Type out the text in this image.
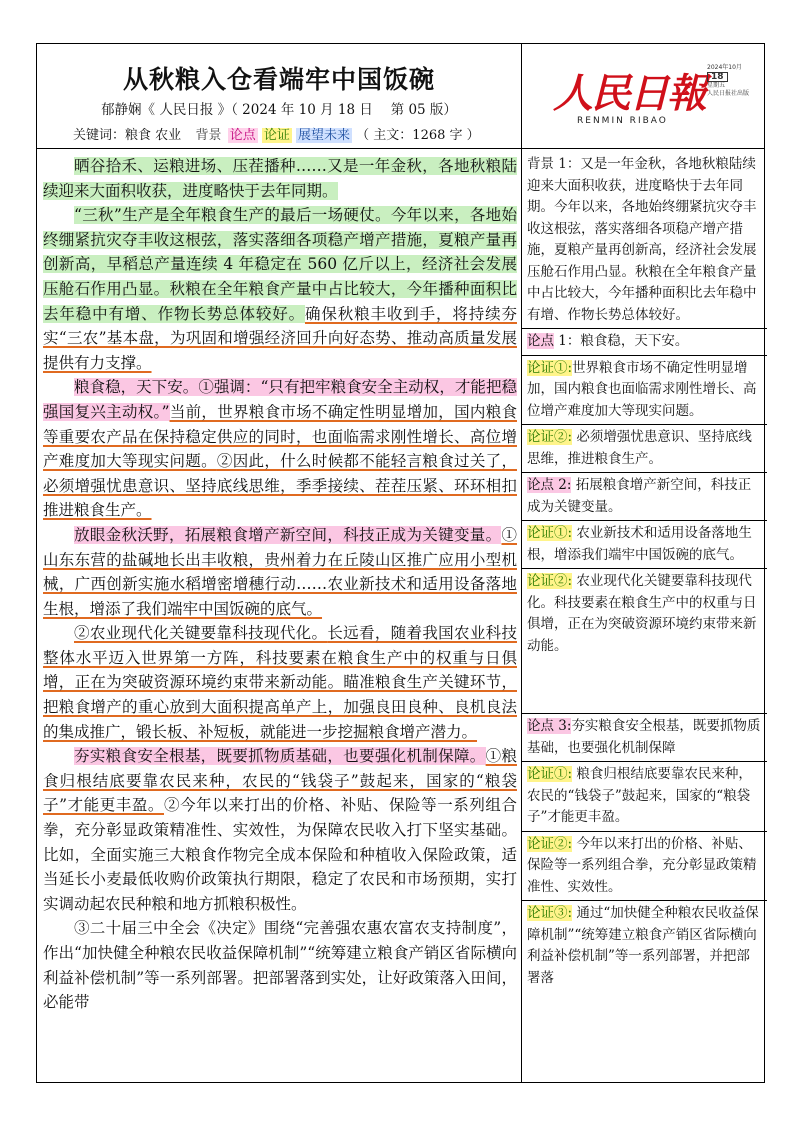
从秋粮入仓看端牢中国饭碗
郁静娴《 人民日报 》（ 2024 年 10 月 18 日　 第 05 版）
关键词：粮食 农业 背景 论点 论证 展望未来 （ 主文：1268 字 ）
人民日報
RENMIN RIBAO
2024年10月
18
星期五
人民日报社出版

晒谷拾禾、运粮进场、压茬播种……又是一年金秋，各地秋粮陆续迎来大面积收获，进度略快于去年同期。

“三秋”生产是全年粮食生产的最后一场硬仗。今年以来，各地始终绷紧抗灾夺丰收这根弦，落实落细各项稳产增产措施，夏粮产量再创新高，早稻总产量连续 4 年稳定在 560 亿斤以上，经济社会发展压舱石作用凸显。秋粮在全年粮食产量中占比较大，今年播种面积比去年稳中有增、作物长势总体较好。确保秋粮丰收到手，将持续夯实“三农”基本盘，为巩固和增强经济回升向好态势、推动高质量发展提供有力支撑。

粮食稳，天下安。①强调：“只有把牢粮食安全主动权，才能把稳强国复兴主动权。”当前，世界粮食市场不确定性明显增加，国内粮食等重要农产品在保持稳定供应的同时，也面临需求刚性增长、高位增产难度加大等现实问题。②因此，什么时候都不能轻言粮食过关了，必须增强忧患意识、坚持底线思维，季季接续、茬茬压紧、环环相扣推进粮食生产。

放眼金秋沃野，拓展粮食增产新空间，科技正成为关键变量。①山东东营的盐碱地长出丰收粮，贵州着力在丘陵山区推广应用小型机械，广西创新实施水稻增密增穗行动……农业新技术和适用设备落地生根，增添了我们端牢中国饭碗的底气。

②农业现代化关键要靠科技现代化。长远看，随着我国农业科技整体水平迈入世界第一方阵，科技要素在粮食生产中的权重与日俱增，正在为突破资源环境约束带来新动能。瞄准粮食生产关键环节，把粮食增产的重心放到大面积提高单产上，加强良田良种、良机良法的集成推广，锻长板、补短板，就能进一步挖掘粮食增产潜力。

夯实粮食安全根基，既要抓物质基础，也要强化机制保障。①粮食归根结底要靠农民来种，农民的“钱袋子”鼓起来，国家的“粮袋子”才能更丰盈。②今年以来打出的价格、补贴、保险等一系列组合拳，充分彰显政策精准性、实效性，为保障农民收入打下坚实基础。比如，全面实施三大粮食作物完全成本保险和种植收入保险政策，适当延长小麦最低收购价政策执行期限，稳定了农民和市场预期，实打实调动起农民种粮和地方抓粮积极性。

③二十届三中全会《决定》围绕“完善强农惠农富农支持制度”，作出“加快健全种粮农民收益保障机制”“统筹建立粮食产销区省际横向利益补偿机制”等一系列部署。把部署落到实处，让好政策落入田间，必能带

背景 1：又是一年金秋，各地秋粮陆续迎来大面积收获，进度略快于去年同期。今年以来，各地始终绷紧抗灾夺丰收这根弦，落实落细各项稳产增产措施，夏粮产量再创新高，经济社会发展压舱石作用凸显。秋粮在全年粮食产量中占比较大，今年播种面积比去年稳中有增、作物长势总体较好。

论点 1：粮食稳，天下安。

论证①:世界粮食市场不确定性明显增加，国内粮食也面临需求刚性增长、高位增产难度加大等现实问题。

论证②: 必须增强忧患意识、坚持底线思维，推进粮食生产。

论点 2: 拓展粮食增产新空间，科技正成为关键变量。

论证①: 农业新技术和适用设备落地生根，增添我们端牢中国饭碗的底气。

论证②: 农业现代化关键要靠科技现代化。科技要素在粮食生产中的权重与日俱增，正在为突破资源环境约束带来新动能。

论点 3:夯实粮食安全根基，既要抓物质基础，也要强化机制保障

论证①: 粮食归根结底要靠农民来种，农民的“钱袋子”鼓起来，国家的“粮袋子”才能更丰盈。

论证②: 今年以来打出的价格、补贴、保险等一系列组合拳，充分彰显政策精准性、实效性。

论证③: 通过“加快健全种粮农民收益保障机制”“统筹建立粮食产销区省际横向利益补偿机制”等一系列部署，并把部署落
